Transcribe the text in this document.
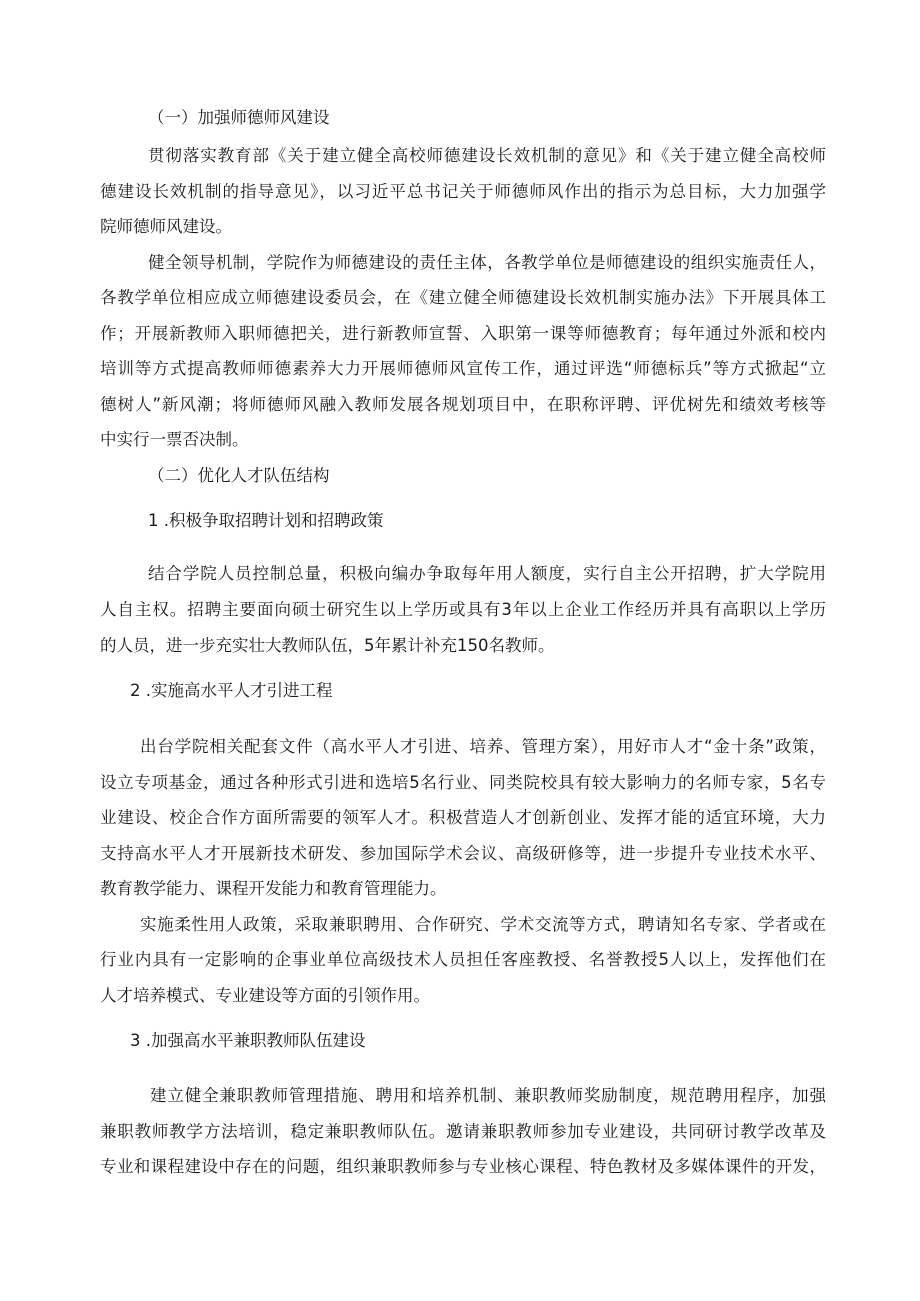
（一）加强师德师风建设
贯彻落实教育部《关于建立健全高校师德建设长效机制的意见》和《关于建立健全高校师
德建设长效机制的指导意见》，以习近平总书记关于师德师风作出的指示为总目标，大力加强学
院师德师风建设。
健全领导机制，学院作为师德建设的责任主体，各教学单位是师德建设的组织实施责任人，
各教学单位相应成立师德建设委员会，在《建立健全师德建设长效机制实施办法》下开展具体工
作；开展新教师入职师德把关，进行新教师宣誓、入职第一课等师德教育；每年通过外派和校内
培训等方式提高教师师德素养大力开展师德师风宣传工作，通过评选“师德标兵”等方式掀起“立
德树人”新风潮；将师德师风融入教师发展各规划项目中，在职称评聘、评优树先和绩效考核等
中实行一票否决制。
（二）优化人才队伍结构
1 .积极争取招聘计划和招聘政策
结合学院人员控制总量，积极向编办争取每年用人额度，实行自主公开招聘，扩大学院用
人自主权。招聘主要面向硕士研究生以上学历或具有3年以上企业工作经历并具有高职以上学历
的人员，进一步充实壮大教师队伍，5年累计补充150名教师。
2 .实施高水平人才引进工程
出台学院相关配套文件（高水平人才引进、培养、管理方案），用好市人才“金十条”政策，
设立专项基金，通过各种形式引进和选培5名行业、同类院校具有较大影响力的名师专家，5名专
业建设、校企合作方面所需要的领军人才。积极营造人才创新创业、发挥才能的适宜环境，大力
支持高水平人才开展新技术研发、参加国际学术会议、高级研修等，进一步提升专业技术水平、
教育教学能力、课程开发能力和教育管理能力。
实施柔性用人政策，采取兼职聘用、合作研究、学术交流等方式，聘请知名专家、学者或在
行业内具有一定影响的企事业单位高级技术人员担任客座教授、名誉教授5人以上，发挥他们在
人才培养模式、专业建设等方面的引领作用。
3 .加强高水平兼职教师队伍建设
建立健全兼职教师管理措施、聘用和培养机制、兼职教师奖励制度，规范聘用程序，加强
兼职教师教学方法培训，稳定兼职教师队伍。邀请兼职教师参加专业建设，共同研讨教学改革及
专业和课程建设中存在的问题，组织兼职教师参与专业核心课程、特色教材及多媒体课件的开发，
